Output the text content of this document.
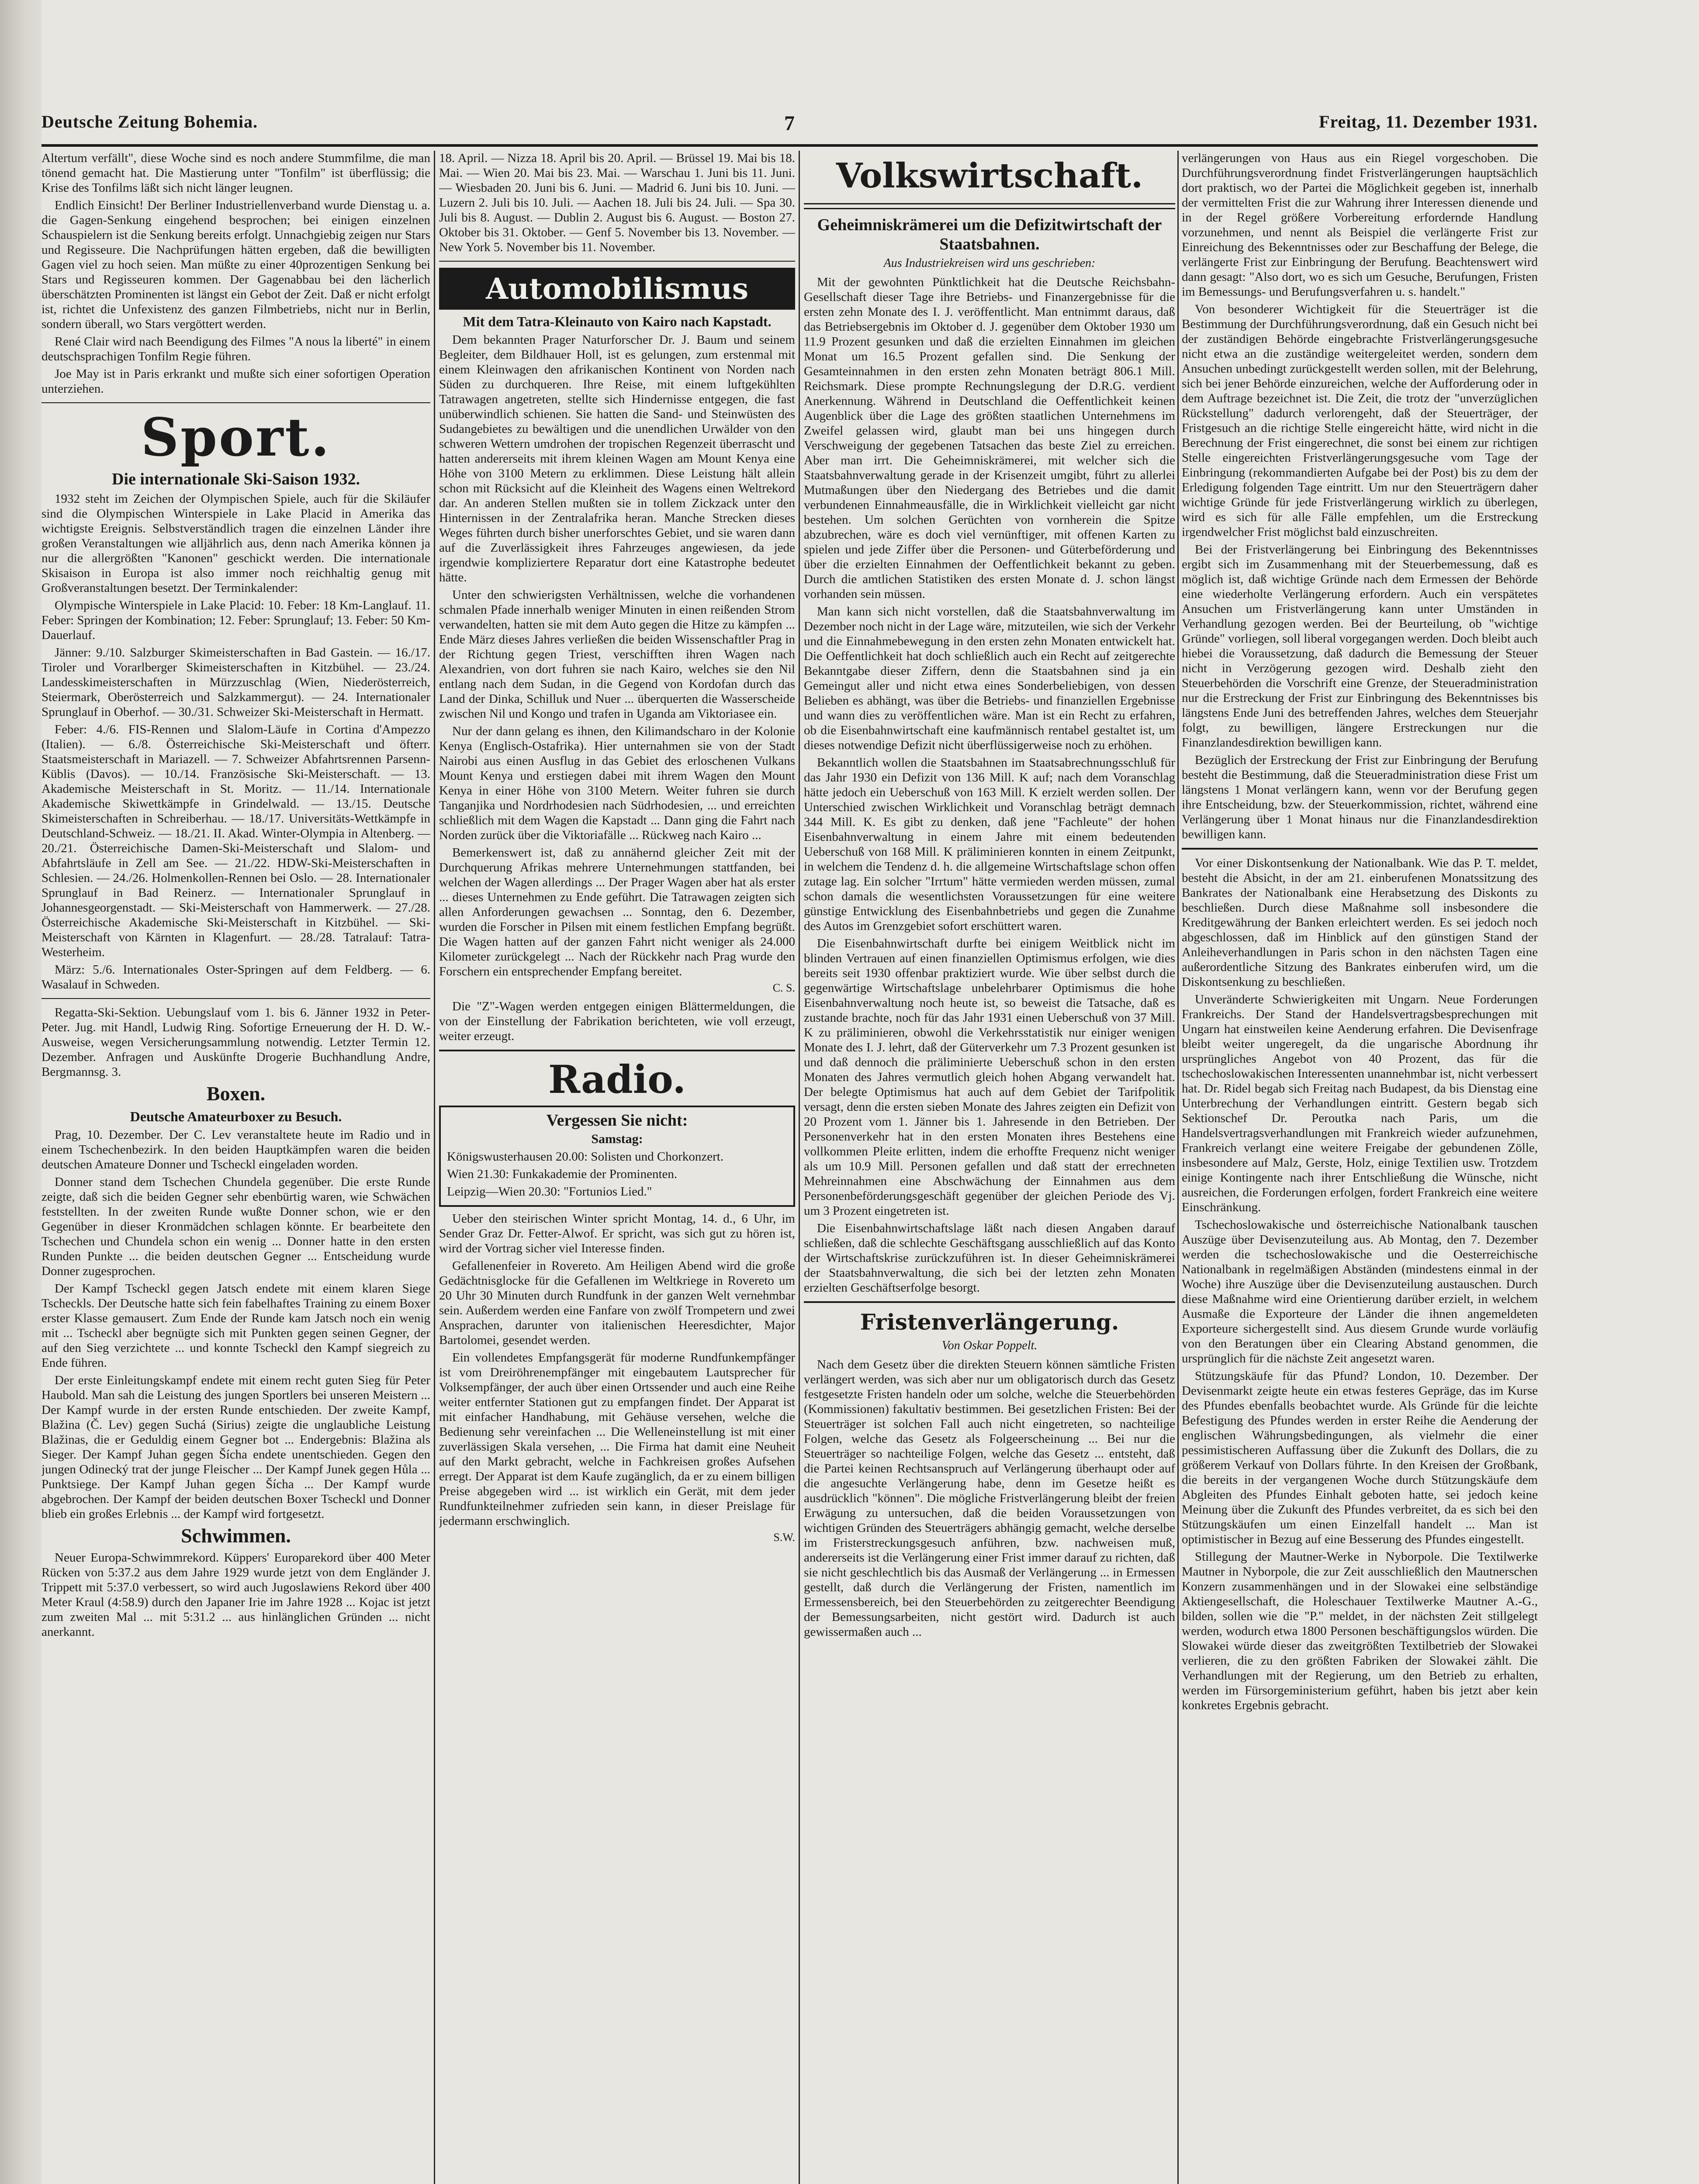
Deutsche Zeitung Bohemia.	7	Freitag, 11. Dezember 1931.

Altertum verfällt", diese Woche sind es noch andere Stummfilme, die man tönend gemacht hat. Die Mastierung unter "Tonfilm" ist überflüssig; die Krise des Tonfilms läßt sich nicht länger leugnen.

Endlich Einsicht! Der Berliner Industriellenverband wurde Dienstag u. a. die Gagen-Senkung eingehend besprochen; bei einigen einzelnen Schauspielern ist die Senkung bereits erfolgt. Unnachgiebig zeigen nur Stars und Regisseure. Die Nachprüfungen hätten ergeben, daß die bewilligten Gagen viel zu hoch seien. Man müßte zu einer 40prozentigen Senkung bei Stars und Regisseuren kommen. Der Gagenabbau bei den lächerlich überschätzten Prominenten ist längst ein Gebot der Zeit. Daß er nicht erfolgt ist, richtet die Unfexistenz des ganzen Filmbetriebs, nicht nur in Berlin, sondern überall, wo Stars vergöttert werden.

René Clair wird nach Beendigung des Filmes "A nous la liberté" in einem deutschsprachigen Tonfilm Regie führen.

Joe May ist in Paris erkrankt und mußte sich einer sofortigen Operation unterziehen.

Sport.
Die internationale Ski-Saison 1932.

1932 steht im Zeichen der Olympischen Spiele, auch für die Skiläufer sind die Olympischen Winterspiele in Lake Placid in Amerika das wichtigste Ereignis. Selbstverständlich tragen die einzelnen Länder ihre großen Veranstaltungen wie alljährlich aus, denn nach Amerika können ja nur die allergrößten "Kanonen" geschickt werden. Die internationale Skisaison in Europa ist also immer noch reichhaltig genug mit Großveranstaltungen besetzt. Der Terminkalender:

Olympische Winterspiele in Lake Placid: 10. Feber: 18 Km-Langlauf. 11. Feber: Springen der Kombination; 12. Feber: Sprunglauf; 13. Feber: 50 Km-Dauerlauf.

Jänner: 9./10. Salzburger Skimeisterschaften in Bad Gastein. — 16./17. Tiroler und Vorarlberger Skimeisterschaften in Kitzbühel. — 23./24. Landesskimeisterschaften in Mürzzuschlag (Wien, Niederösterreich, Steiermark, Oberösterreich und Salzkammergut). — 24. Internationaler Sprunglauf in Oberhof. — 30./31. Schweizer Ski-Meisterschaft in Hermatt.

Feber: 4./6. FIS-Rennen und Slalom-Läufe in Cortina d'Ampezzo (Italien). — 6./8. Österreichische Ski-Meisterschaft und öfterr. Staatsmeisterschaft in Mariazell. — 7. Schweizer Abfahrtsrennen Parsenn-Küblis (Davos). — 10./14. Französische Ski-Meisterschaft. — 13. Akademische Meisterschaft in St. Moritz. — 11./14. Internationale Akademische Skiwettkämpfe in Grindelwald. — 13./15. Deutsche Skimeisterschaften in Schreiberhau. — 18./17. Universitäts-Wettkämpfe in Deutschland-Schweiz. — 18./21. II. Akad. Winter-Olympia in Altenberg. — 20./21. Österreichische Damen-Ski-Meisterschaft und Slalom- und Abfahrtsläufe in Zell am See. — 21./22. HDW-Ski-Meisterschaften in Schlesien. — 24./26. Holmenkollen-Rennen bei Oslo. — 28. Internationaler Sprunglauf in Bad Reinerz. — Internationaler Sprunglauf in Johannesgeorgenstadt. — Ski-Meisterschaft von Hammerwerk. — 27./28. Österreichische Akademische Ski-Meisterschaft in Kitzbühel. — Ski-Meisterschaft von Kärnten in Klagenfurt. — 28./28. Tatralauf: Tatra-Westerheim.

März: 5./6. Internationales Oster-Springen auf dem Feldberg. — 6. Wasalauf in Schweden.

Regatta-Ski-Sektion. Uebungslauf vom 1. bis 6. Jänner 1932 in Peter-Peter. Jug. mit Handl, Ludwig Ring. Sofortige Erneuerung der H. D. W.-Ausweise, wegen Versicherungsammlung notwendig. Letzter Termin 12. Dezember. Anfragen und Auskünfte Drogerie Buchhandlung Andre, Bergmannsg. 3.

Boxen.
Deutsche Amateurboxer zu Besuch.

Prag, 10. Dezember. Der C. Lev veranstaltete heute im Radio und in einem Tschechenbezirk. In den beiden Hauptkämpfen waren die beiden deutschen Amateure Donner und Tscheckl eingeladen worden.

Donner stand dem Tschechen Chundela gegenüber. Die erste Runde zeigte, daß sich die beiden Gegner sehr ebenbürtig waren, wie Schwächen feststellten. In der zweiten Runde wußte Donner schon, wie er den Gegenüber in dieser Kronmädchen schlagen könnte. Er bearbeitete den Tschechen und Chundela schon ein wenig ... Donner hatte in den ersten Runden Punkte ... die beiden deutschen Gegner ... Entscheidung wurde Donner zugesprochen.

Der Kampf Tscheckl gegen Jatsch endete mit einem klaren Siege Tscheckls. Der Deutsche hatte sich fein fabelhaftes Training zu einem Boxer erster Klasse gemausert. Zum Ende der Runde kam Jatsch noch ein wenig mit ... Tscheckl aber begnügte sich mit Punkten gegen seinen Gegner, der auf den Sieg verzichtete ... und konnte Tscheckl den Kampf siegreich zu Ende führen.

Der erste Einleitungskampf endete mit einem recht guten Sieg für Peter Haubold. Man sah die Leistung des jungen Sportlers bei unseren Meistern ... Der Kampf wurde in der ersten Runde entschieden. Der zweite Kampf, Blažina (Č. Lev) gegen Suchá (Sirius) zeigte die unglaubliche Leistung Blažinas, die er Geduldig einem Gegner bot ... Endergebnis: Blažina als Sieger. Der Kampf Juhan gegen Šícha endete unentschieden. Gegen den jungen Odinecký trat der junge Fleischer ... Der Kampf Junek gegen Hůla ... Punktsiege. Der Kampf Juhan gegen Šícha ... Der Kampf wurde abgebrochen. Der Kampf der beiden deutschen Boxer Tscheckl und Donner blieb ein großes Erlebnis ... der Kampf wird fortgesetzt.

Schwimmen.

Neuer Europa-Schwimmrekord. Küppers' Europarekord über 400 Meter Rücken von 5:37.2 aus dem Jahre 1929 wurde jetzt von dem Engländer J. Trippett mit 5:37.0 verbessert, so wird auch Jugoslawiens Rekord über 400 Meter Kraul (4:58.9) durch den Japaner Irie im Jahre 1928 ... Kojac ist jetzt zum zweiten Mal ... mit 5:31.2 ... aus hinlänglichen Gründen ... nicht anerkannt.

18. April. — Nizza 18. April bis 20. April. — Brüssel 19. Mai bis 18. Mai. — Wien 20. Mai bis 23. Mai. — Warschau 1. Juni bis 11. Juni. — Wiesbaden 20. Juni bis 6. Juni. — Madrid 6. Juni bis 10. Juni. — Luzern 2. Juli bis 10. Juli. — Aachen 18. Juli bis 24. Juli. — Spa 30. Juli bis 8. August. — Dublin 2. August bis 6. August. — Boston 27. Oktober bis 31. Oktober. — Genf 5. November bis 13. November. — New York 5. November bis 11. November.

Automobilismus
Mit dem Tatra-Kleinauto von Kairo nach Kapstadt.

Dem bekannten Prager Naturforscher Dr. J. Baum und seinem Begleiter, dem Bildhauer Holl, ist es gelungen, zum erstenmal mit einem Kleinwagen den afrikanischen Kontinent von Norden nach Süden zu durchqueren. Ihre Reise, mit einem luftgekühlten Tatrawagen angetreten, stellte sich Hindernisse entgegen, die fast unüberwindlich schienen. Sie hatten die Sand- und Steinwüsten des Sudangebietes zu bewältigen und die unendlichen Urwälder von den schweren Wettern umdrohen der tropischen Regenzeit überrascht und hatten andererseits mit ihrem kleinen Wagen am Mount Kenya eine Höhe von 3100 Metern zu erklimmen. Diese Leistung hält allein schon mit Rücksicht auf die Kleinheit des Wagens einen Weltrekord dar. An anderen Stellen mußten sie in tollem Zickzack unter den Hinternissen in der Zentralafrika heran. Manche Strecken dieses Weges führten durch bisher unerforschtes Gebiet, und sie waren dann auf die Zuverlässigkeit ihres Fahrzeuges angewiesen, da jede irgendwie kompliziertere Reparatur dort eine Katastrophe bedeutet hätte.

Unter den schwierigsten Verhältnissen, welche die vorhandenen schmalen Pfade innerhalb weniger Minuten in einen reißenden Strom verwandelten, hatten sie mit dem Auto gegen die Hitze zu kämpfen ... Ende März dieses Jahres verließen die beiden Wissenschaftler Prag in der Richtung gegen Triest, verschifften ihren Wagen nach Alexandrien, von dort fuhren sie nach Kairo, welches sie den Nil entlang nach dem Sudan, in die Gegend von Kordofan durch das Land der Dinka, Schilluk und Nuer ... überquerten die Wasserscheide zwischen Nil und Kongo und trafen in Uganda am Viktoriasee ein.

Nur der dann gelang es ihnen, den Kilimandscharo in der Kolonie Kenya (Englisch-Ostafrika). Hier unternahmen sie von der Stadt Nairobi aus einen Ausflug in das Gebiet des erloschenen Vulkans Mount Kenya und erstiegen dabei mit ihrem Wagen den Mount Kenya in einer Höhe von 3100 Metern. Weiter fuhren sie durch Tanganjika und Nordrhodesien nach Südrhodesien, ... und erreichten schließlich mit dem Wagen die Kapstadt ... Dann ging die Fahrt nach Norden zurück über die Viktoriafälle ... Rückweg nach Kairo ...

Bemerkenswert ist, daß zu annähernd gleicher Zeit mit der Durchquerung Afrikas mehrere Unternehmungen stattfanden, bei welchen der Wagen allerdings ... Der Prager Wagen aber hat als erster ... dieses Unternehmen zu Ende geführt. Die Tatrawagen zeigten sich allen Anforderungen gewachsen ... Sonntag, den 6. Dezember, wurden die Forscher in Pilsen mit einem festlichen Empfang begrüßt. Die Wagen hatten auf der ganzen Fahrt nicht weniger als 24.000 Kilometer zurückgelegt ... Nach der Rückkehr nach Prag wurde den Forschern ein entsprechender Empfang bereitet.

C. S.

Die "Z"-Wagen werden entgegen einigen Blättermeldungen, die von der Einstellung der Fabrikation berichteten, wie voll erzeugt, weiter erzeugt.

Radio.
Vergessen Sie nicht:
Samstag:

Königswusterhausen 20.00: Solisten und Chorkonzert.

Wien 21.30: Funkakademie der Prominenten.

Leipzig—Wien 20.30: "Fortunios Lied."

Ueber den steirischen Winter spricht Montag, 14. d., 6 Uhr, im Sender Graz Dr. Fetter-Alwof. Er spricht, was sich gut zu hören ist, wird der Vortrag sicher viel Interesse finden.

Gefallenenfeier in Rovereto. Am Heiligen Abend wird die große Gedächtnisglocke für die Gefallenen im Weltkriege in Rovereto um 20 Uhr 30 Minuten durch Rundfunk in der ganzen Welt vernehmbar sein. Außerdem werden eine Fanfare von zwölf Trompetern und zwei Ansprachen, darunter von italienischen Heeresdichter, Major Bartolomei, gesendet werden.

Ein vollendetes Empfangsgerät für moderne Rundfunkempfänger ist vom Dreiröhrenempfänger mit eingebautem Lautsprecher für Volksempfänger, der auch über einen Ortssender und auch eine Reihe weiter entfernter Stationen gut zu empfangen findet. Der Apparat ist mit einfacher Handhabung, mit Gehäuse versehen, welche die Bedienung sehr vereinfachen ... Die Welleneinstellung ist mit einer zuverlässigen Skala versehen, ... Die Firma hat damit eine Neuheit auf den Markt gebracht, welche in Fachkreisen großes Aufsehen erregt. Der Apparat ist dem Kaufe zugänglich, da er zu einem billigen Preise abgegeben wird ... ist wirklich ein Gerät, mit dem jeder Rundfunkteilnehmer zufrieden sein kann, in dieser Preislage für jedermann erschwinglich.

S.W.
Volkswirtschaft.
Geheimniskrämerei um die Defizitwirtschaft der Staatsbahnen.
Aus Industriekreisen wird uns geschrieben:

Mit der gewohnten Pünktlichkeit hat die Deutsche Reichsbahn-Gesellschaft dieser Tage ihre Betriebs- und Finanzergebnisse für die ersten zehn Monate des I. J. veröffentlicht. Man entnimmt daraus, daß das Betriebsergebnis im Oktober d. J. gegenüber dem Oktober 1930 um 11.9 Prozent gesunken und daß die erzielten Einnahmen im gleichen Monat um 16.5 Prozent gefallen sind. Die Senkung der Gesamteinnahmen in den ersten zehn Monaten beträgt 806.1 Mill. Reichsmark. Diese prompte Rechnungslegung der D.R.G. verdient Anerkennung. Während in Deutschland die Oeffentlichkeit keinen Augenblick über die Lage des größten staatlichen Unternehmens im Zweifel gelassen wird, glaubt man bei uns hingegen durch Verschweigung der gegebenen Tatsachen das beste Ziel zu erreichen. Aber man irrt. Die Geheimniskrämerei, mit welcher sich die Staatsbahnverwaltung gerade in der Krisenzeit umgibt, führt zu allerlei Mutmaßungen über den Niedergang des Betriebes und die damit verbundenen Einnahmeausfälle, die in Wirklichkeit vielleicht gar nicht bestehen. Um solchen Gerüchten von vornherein die Spitze abzubrechen, wäre es doch viel vernünftiger, mit offenen Karten zu spielen und jede Ziffer über die Personen- und Güterbeförderung und über die erzielten Einnahmen der Oeffentlichkeit bekannt zu geben. Durch die amtlichen Statistiken des ersten Monate d. J. schon längst vorhanden sein müssen.

Man kann sich nicht vorstellen, daß die Staatsbahnverwaltung im Dezember noch nicht in der Lage wäre, mitzuteilen, wie sich der Verkehr und die Einnahmebewegung in den ersten zehn Monaten entwickelt hat. Die Oeffentlichkeit hat doch schließlich auch ein Recht auf zeitgerechte Bekanntgabe dieser Ziffern, denn die Staatsbahnen sind ja ein Gemeingut aller und nicht etwa eines Sonderbeliebigen, von dessen Belieben es abhängt, was über die Betriebs- und finanziellen Ergebnisse und wann dies zu veröffentlichen wäre. Man ist ein Recht zu erfahren, ob die Eisenbahnwirtschaft eine kaufmännisch rentabel gestaltet ist, um dieses notwendige Defizit nicht überflüssigerweise noch zu erhöhen.

Bekanntlich wollen die Staatsbahnen im Staatsabrechnungsschluß für das Jahr 1930 ein Defizit von 136 Mill. K auf; nach dem Voranschlag hätte jedoch ein Ueberschuß von 163 Mill. K erzielt werden sollen. Der Unterschied zwischen Wirklichkeit und Voranschlag beträgt demnach 344 Mill. K. Es gibt zu denken, daß jene "Fachleute" der hohen Eisenbahnverwaltung in einem Jahre mit einem bedeutenden Ueberschuß von 168 Mill. K präliminieren konnten in einem Zeitpunkt, in welchem die Tendenz d. h. die allgemeine Wirtschaftslage schon offen zutage lag. Ein solcher "Irrtum" hätte vermieden werden müssen, zumal schon damals die wesentlichsten Voraussetzungen für eine weitere günstige Entwicklung des Eisenbahnbetriebs und gegen die Zunahme des Autos im Grenzgebiet sofort erschüttert waren.

Die Eisenbahnwirtschaft durfte bei einigem Weitblick nicht im blinden Vertrauen auf einen finanziellen Optimismus erfolgen, wie dies bereits seit 1930 offenbar praktiziert wurde. Wie über selbst durch die gegenwärtige Wirtschaftslage unbelehrbarer Optimismus die hohe Eisenbahnverwaltung noch heute ist, so beweist die Tatsache, daß es zustande brachte, noch für das Jahr 1931 einen Ueberschuß von 37 Mill. K zu präliminieren, obwohl die Verkehrsstatistik nur einiger wenigen Monate des I. J. lehrt, daß der Güterverkehr um 7.3 Prozent gesunken ist und daß dennoch die präliminierte Ueberschuß schon in den ersten Monaten des Jahres vermutlich gleich hohen Abgang verwandelt hat. Der belegte Optimismus hat auch auf dem Gebiet der Tarifpolitik versagt, denn die ersten sieben Monate des Jahres zeigten ein Defizit von 20 Prozent vom 1. Jänner bis 1. Jahresende in den Betrieben. Der Personenverkehr hat in den ersten Monaten ihres Bestehens eine vollkommen Pleite erlitten, indem die erhoffte Frequenz nicht weniger als um 10.9 Mill. Personen gefallen und daß statt der errechneten Mehreinnahmen eine Abschwächung der Einnahmen aus dem Personenbeförderungsgeschäft gegenüber der gleichen Periode des Vj. um 3 Prozent eingetreten ist.

Die Eisenbahnwirtschaftslage läßt nach diesen Angaben darauf schließen, daß die schlechte Geschäftsgang ausschließlich auf das Konto der Wirtschaftskrise zurückzuführen ist. In dieser Geheimniskrämerei der Staatsbahnverwaltung, die sich bei der letzten zehn Monaten erzielten Geschäftserfolge besorgt.

Fristenverlängerung.
Von Oskar Poppelt.

Nach dem Gesetz über die direkten Steuern können sämtliche Fristen verlängert werden, was sich aber nur um obligatorisch durch das Gesetz festgesetzte Fristen handeln oder um solche, welche die Steuerbehörden (Kommissionen) fakultativ bestimmen. Bei gesetzlichen Fristen: Bei der Steuerträger ist solchen Fall auch nicht eingetreten, so nachteilige Folgen, welche das Gesetz als Folgeerscheinung ... Bei nur die Steuerträger so nachteilige Folgen, welche das Gesetz ... entsteht, daß die Partei keinen Rechtsanspruch auf Verlängerung überhaupt oder auf die angesuchte Verlängerung habe, denn im Gesetze heißt es ausdrücklich "können". Die mögliche Fristverlängerung bleibt der freien Erwägung zu untersuchen, daß die beiden Voraussetzungen von wichtigen Gründen des Steuerträgers abhängig gemacht, welche derselbe im Fristerstreckungsgesuch anführen, bzw. nachweisen muß, andererseits ist die Verlängerung einer Frist immer darauf zu richten, daß sie nicht geschlechtlich bis das Ausmaß der Verlängerung ... in Ermessen gestellt, daß durch die Verlängerung der Fristen, namentlich im Ermessensbereich, bei den Steuerbehörden zu zeitgerechter Beendigung der Bemessungsarbeiten, nicht gestört wird. Dadurch ist auch gewissermaßen auch ...

verlängerungen von Haus aus ein Riegel vorgeschoben. Die Durchführungsverordnung findet Fristverlängerungen hauptsächlich dort praktisch, wo der Partei die Möglichkeit gegeben ist, innerhalb der vermittelten Frist die zur Wahrung ihrer Interessen dienende und in der Regel größere Vorbereitung erfordernde Handlung vorzunehmen, und nennt als Beispiel die verlängerte Frist zur Einreichung des Bekenntnisses oder zur Beschaffung der Belege, die verlängerte Frist zur Einbringung der Berufung. Beachtenswert wird dann gesagt: "Also dort, wo es sich um Gesuche, Berufungen, Fristen im Bemessungs- und Berufungsverfahren u. s. handelt."

Von besonderer Wichtigkeit für die Steuerträger ist die Bestimmung der Durchführungsverordnung, daß ein Gesuch nicht bei der zuständigen Behörde eingebrachte Fristverlängerungsgesuche nicht etwa an die zuständige weitergeleitet werden, sondern dem Ansuchen unbedingt zurückgestellt werden sollen, mit der Belehrung, sich bei jener Behörde einzureichen, welche der Aufforderung oder in dem Auftrage bezeichnet ist. Die Zeit, die trotz der "unverzüglichen Rückstellung" dadurch verlorengeht, daß der Steuerträger, der Fristgesuch an die richtige Stelle eingereicht hätte, wird nicht in die Berechnung der Frist eingerechnet, die sonst bei einem zur richtigen Stelle eingereichten Fristverlängerungsgesuche vom Tage der Einbringung (rekommandierten Aufgabe bei der Post) bis zu dem der Erledigung folgenden Tage eintritt. Um nur den Steuerträgern daher wichtige Gründe für jede Fristverlängerung wirklich zu überlegen, wird es sich für alle Fälle empfehlen, um die Erstreckung irgendwelcher Frist möglichst bald einzuschreiten.

Bei der Fristverlängerung bei Einbringung des Bekenntnisses ergibt sich im Zusammenhang mit der Steuerbemessung, daß es möglich ist, daß wichtige Gründe nach dem Ermessen der Behörde eine wiederholte Verlängerung erfordern. Auch ein verspätetes Ansuchen um Fristverlängerung kann unter Umständen in Verhandlung gezogen werden. Bei der Beurteilung, ob "wichtige Gründe" vorliegen, soll liberal vorgegangen werden. Doch bleibt auch hiebei die Voraussetzung, daß dadurch die Bemessung der Steuer nicht in Verzögerung gezogen wird. Deshalb zieht den Steuerbehörden die Vorschrift eine Grenze, der Steueradministration nur die Erstreckung der Frist zur Einbringung des Bekenntnisses bis längstens Ende Juni des betreffenden Jahres, welches dem Steuerjahr folgt, zu bewilligen, längere Erstreckungen nur die Finanzlandesdirektion bewilligen kann.

Bezüglich der Erstreckung der Frist zur Einbringung der Berufung besteht die Bestimmung, daß die Steueradministration diese Frist um längstens 1 Monat verlängern kann, wenn vor der Berufung gegen ihre Entscheidung, bzw. der Steuerkommission, richtet, während eine Verlängerung über 1 Monat hinaus nur die Finanzlandesdirektion bewilligen kann.

Vor einer Diskontsenkung der Nationalbank. Wie das P. T. meldet, besteht die Absicht, in der am 21. einberufenen Monatssitzung des Bankrates der Nationalbank eine Herabsetzung des Diskonts zu beschließen. Durch diese Maßnahme soll insbesondere die Kreditgewährung der Banken erleichtert werden. Es sei jedoch noch abgeschlossen, daß im Hinblick auf den günstigen Stand der Anleiheverhandlungen in Paris schon in den nächsten Tagen eine außerordentliche Sitzung des Bankrates einberufen wird, um die Diskontsenkung zu beschließen.

Unveränderte Schwierigkeiten mit Ungarn. Neue Forderungen Frankreichs. Der Stand der Handelsvertragsbesprechungen mit Ungarn hat einstweilen keine Aenderung erfahren. Die Devisenfrage bleibt weiter ungeregelt, da die ungarische Abordnung ihr ursprüngliches Angebot von 40 Prozent, das für die tschechoslowakischen Interessenten unannehmbar ist, nicht verbessert hat. Dr. Ridel begab sich Freitag nach Budapest, da bis Dienstag eine Unterbrechung der Verhandlungen eintritt. Gestern begab sich Sektionschef Dr. Peroutka nach Paris, um die Handelsvertragsverhandlungen mit Frankreich wieder aufzunehmen, Frankreich verlangt eine weitere Freigabe der gebundenen Zölle, insbesondere auf Malz, Gerste, Holz, einige Textilien usw. Trotzdem einige Kontingente nach ihrer Entschließung die Wünsche, nicht ausreichen, die Forderungen erfolgen, fordert Frankreich eine weitere Einschränkung.

Tschechoslowakische und österreichische Nationalbank tauschen Auszüge über Devisenzuteilung aus. Ab Montag, den 7. Dezember werden die tschechoslowakische und die Oesterreichische Nationalbank in regelmäßigen Abständen (mindestens einmal in der Woche) ihre Auszüge über die Devisenzuteilung austauschen. Durch diese Maßnahme wird eine Orientierung darüber erzielt, in welchem Ausmaße die Exporteure der Länder die ihnen angemeldeten Exporteure sichergestellt sind. Aus diesem Grunde wurde vorläufig von den Beratungen über ein Clearing Abstand genommen, die ursprünglich für die nächste Zeit angesetzt waren.

Stützungskäufe für das Pfund? London, 10. Dezember. Der Devisenmarkt zeigte heute ein etwas festeres Gepräge, das im Kurse des Pfundes ebenfalls beobachtet wurde. Als Gründe für die leichte Befestigung des Pfundes werden in erster Reihe die Aenderung der englischen Währungsbedingungen, als vielmehr die einer pessimistischeren Auffassung über die Zukunft des Dollars, die zu größerem Verkauf von Dollars führte. In den Kreisen der Großbank, die bereits in der vergangenen Woche durch Stützungskäufe dem Abgleiten des Pfundes Einhalt geboten hatte, sei jedoch keine Meinung über die Zukunft des Pfundes verbreitet, da es sich bei den Stützungskäufen um einen Einzelfall handelt ... Man ist optimistischer in Bezug auf eine Besserung des Pfundes eingestellt.

Stillegung der Mautner-Werke in Nyborpole. Die Textilwerke Mautner in Nyborpole, die zur Zeit ausschließlich den Mautnerschen Konzern zusammenhängen und in der Slowakei eine selbständige Aktiengesellschaft, die Holeschauer Textilwerke Mautner A.-G., bilden, sollen wie die "P." meldet, in der nächsten Zeit stillgelegt werden, wodurch etwa 1800 Personen beschäftigungslos würden. Die Slowakei würde dieser das zweitgrößten Textilbetrieb der Slowakei verlieren, die zu den größten Fabriken der Slowakei zählt. Die Verhandlungen mit der Regierung, um den Betrieb zu erhalten, werden im Fürsorgeministerium geführt, haben bis jetzt aber kein konkretes Ergebnis gebracht.
